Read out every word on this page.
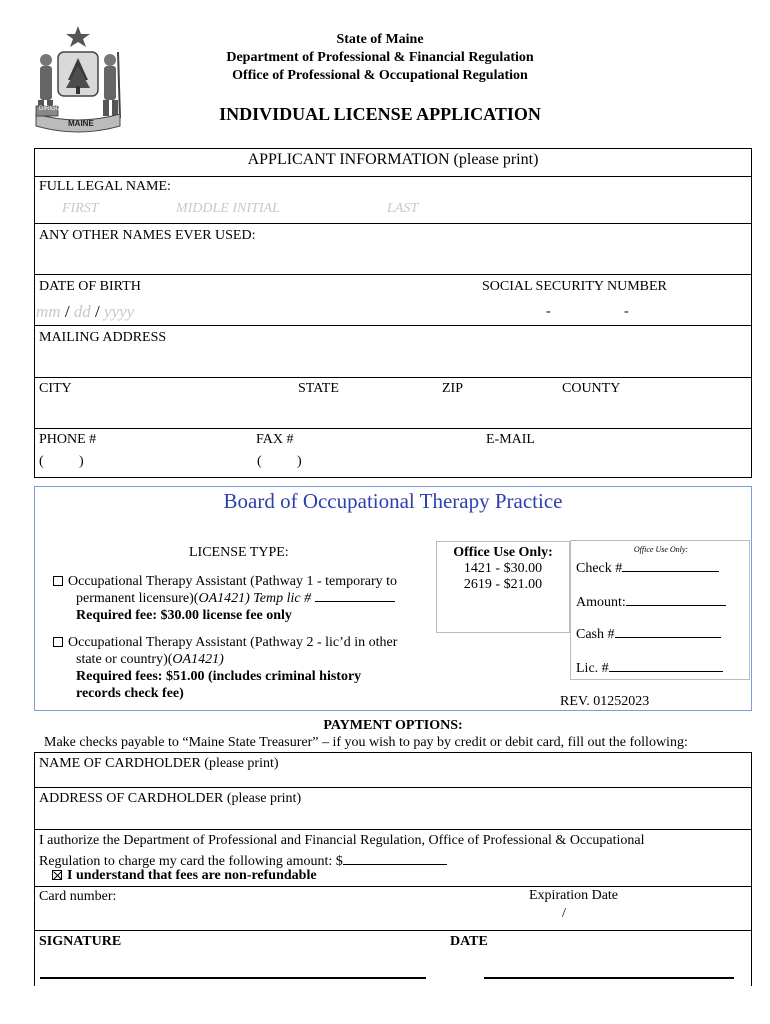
DIRIGO
MAINE
State of Maine
Department of Professional & Financial Regulation
Office of Professional & Occupational Regulation
INDIVIDUAL LICENSE APPLICATION
APPLICANT INFORMATION (please print)
FULL LEGAL NAME:
FIRST	MIDDLE INITIAL	LAST
ANY OTHER NAMES EVER USED:
DATE OF BIRTH	SOCIAL SECURITY NUMBER
mm / dd / yyyy	-	-
MAILING ADDRESS
CITY	STATE	ZIP	COUNTY
PHONE #	FAX #	E-MAIL
(	)	(	)
Board of Occupational Therapy Practice
LICENSE TYPE:
Occupational Therapy Assistant (Pathway 1 - temporary to
permanent licensure)(OA1421) Temp lic #
Required fee: $30.00 license fee only
Occupational Therapy Assistant (Pathway 2 - lic’d in other
state or country)(OA1421)
Required fees: $51.00 (includes criminal history
records check fee)
Office Use Only:
1421 - $30.00
2619 - $21.00
Office Use Only:
Check #
Amount:
Cash #
Lic. #
REV. 01252023
PAYMENT OPTIONS:
Make checks payable to “Maine State Treasurer” – if you wish to pay by credit or debit card, fill out the following:
NAME OF CARDHOLDER (please print)
ADDRESS OF CARDHOLDER (please print)
I authorize the Department of Professional and Financial Regulation, Office of Professional & Occupational
Regulation to charge my card the following amount: $
I understand that fees are non-refundable
Card number:	Expiration Date
/
SIGNATURE	DATE
